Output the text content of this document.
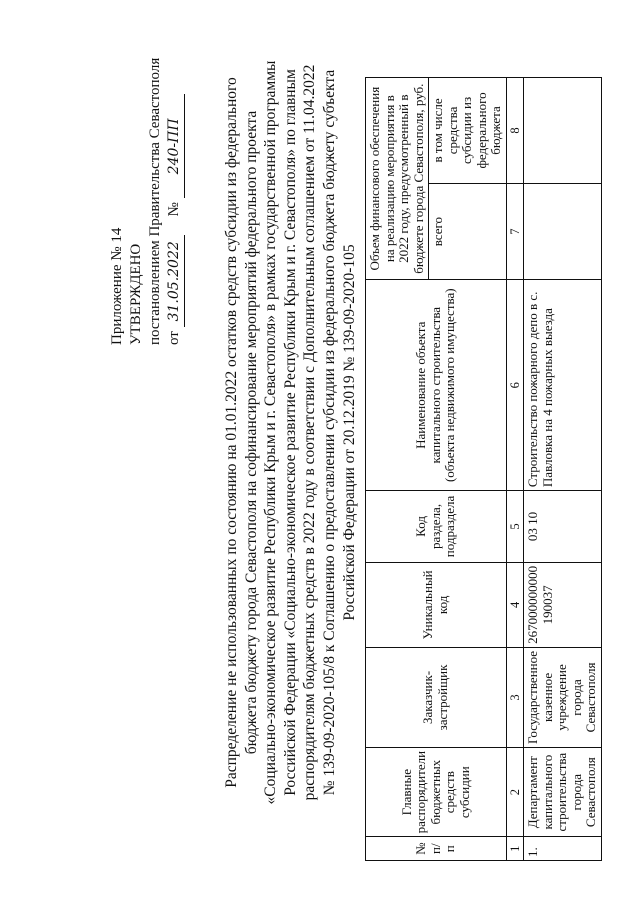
Приложение № 14 УТВЕРЖДЕНО постановлением Правительства Севастополя от 31.05.2022     № 240-ПП	Распределение не использованных по состоянию на 01.01.2022 остатков средств субсидии из федерального бюджета бюджету города Севастополя на софинансирование мероприятий федерального проекта «Социально-экономическое развитие Республики Крым и г. Севастополя» в рамках государственной программы Российской Федерации «Социально-экономическое развитие Республики Крым и г. Севастополя» по главным распорядителям бюджетных средств в 2022 году в соответствии с Дополнительным соглашением от 11.04.2022 № 139-09-2020-105/8 к Соглашению о предоставлении субсидии из федерального бюджета бюджету субъекта Российской Федерации от 20.12.2019 № 139-09-2020-105
№ п/п	Главные распорядители бюджетных средств субсидии	Заказчик-застройщик	Уникальный код	Код раздела, подраздела	Наименование объекта капитального строительства (объекта недвижимого имущества)	Объем финансового обеспечения на реализацию мероприятия в 2022 году, предусмотренный в бюджете города Севастополя, руб.	
						всего	в том числе средства субсидии из федерального бюджета
1	2	3	4	5	6	7	8
1.	Департамент капитального строительства города Севастополя	Государственное казенное учреждение города Севастополя	267000000000190037	03 10	Строительство пожарного депо в с. Павловка на 4 пожарных выезда		
